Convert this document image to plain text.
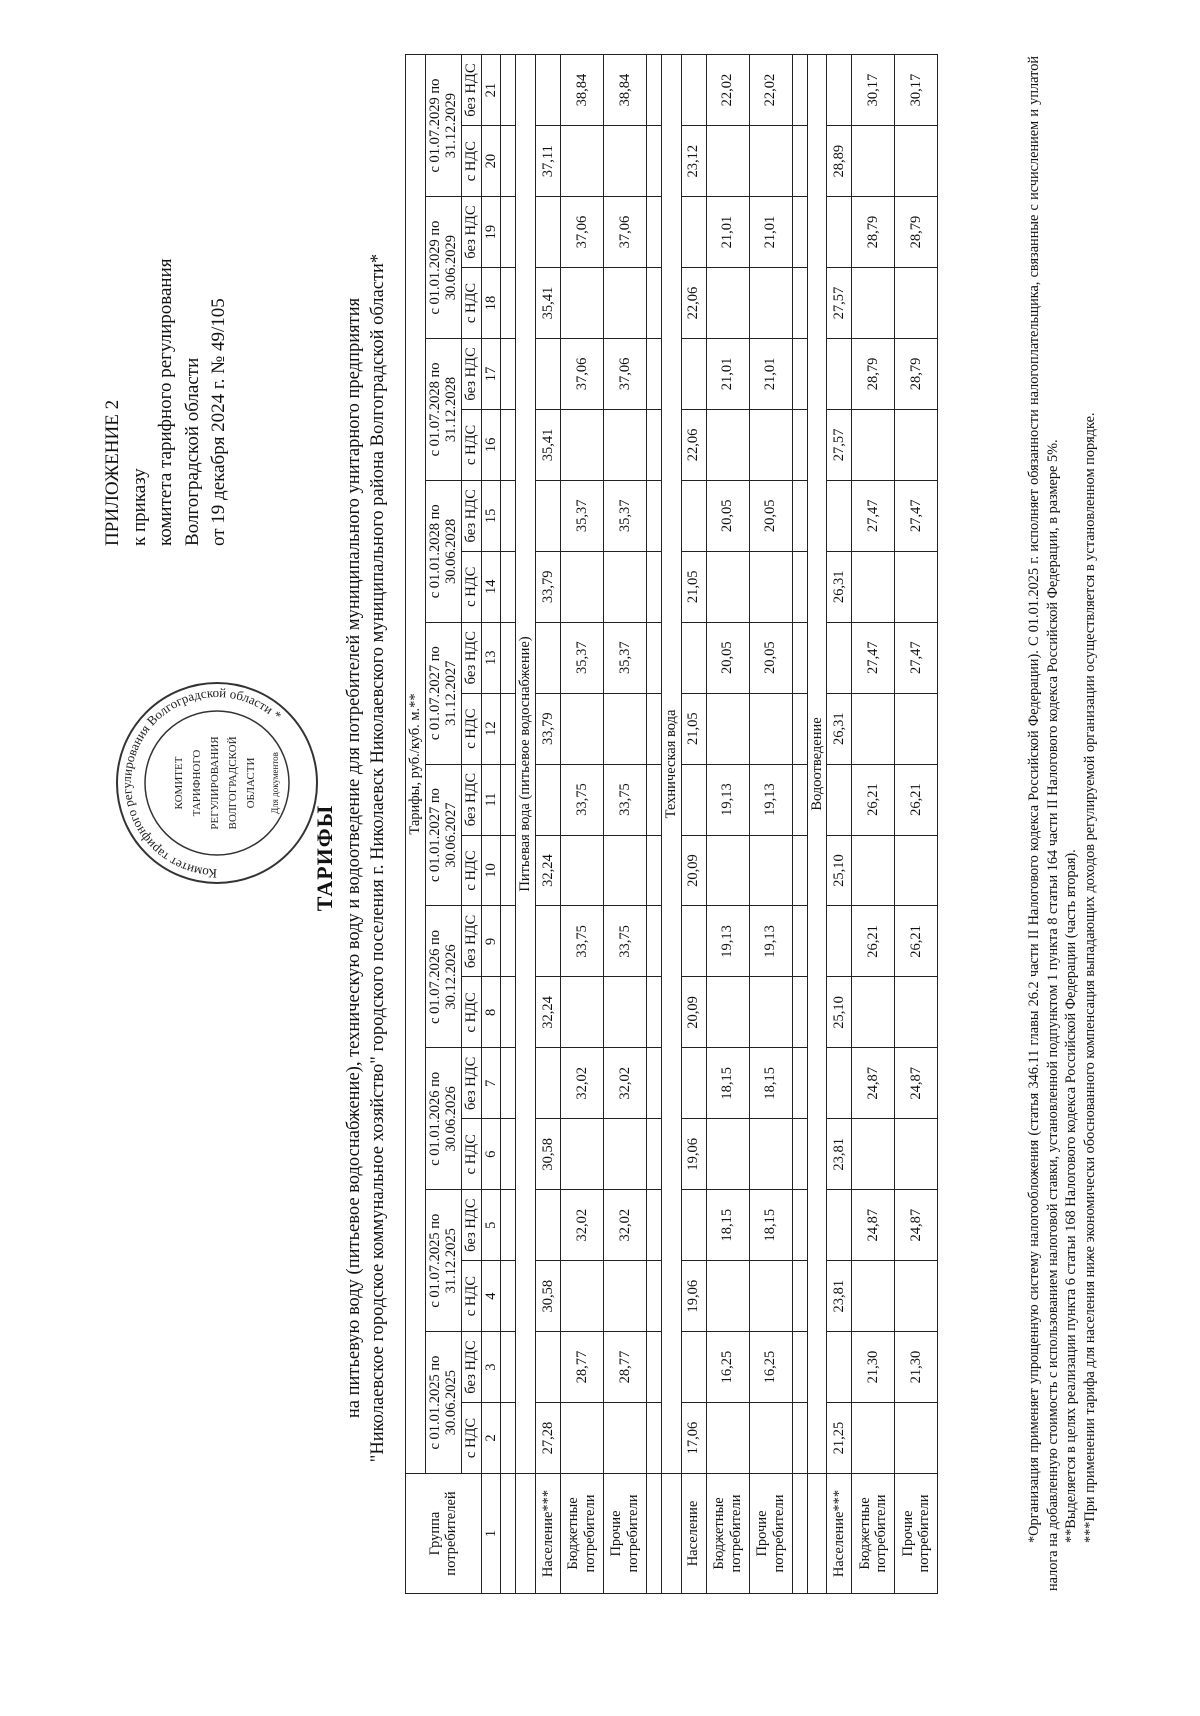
ПРИЛОЖЕНИЕ 2 к приказу комитета тарифного регулирования Волгоградской области от 19 декабря 2024 г. № 49/105
Комитет тарифного регулирования Волгоградской области *
КОМИТЕТ ТАРИФНОГО РЕГУЛИРОВАНИЯ ВОЛГОГРАДСКОЙ ОБЛАСТИ Для документов
ТАРИФЫ на питьевую воду (питьевое водоснабжение), техническую воду и водоотведение для потребителей муниципального унитарного предприятия "Николаевское городское коммунальное хозяйство" городского поселения г. Николаевск Николаевского муниципального района Волгоградской области*
Группа потребителей	Тарифы, руб./куб. м.**																			
	с 01.01.2025 по 30.06.2025		с 01.07.2025 по 31.12.2025		с 01.01.2026 по 30.06.2026		с 01.07.2026 по 30.12.2026		с 01.01.2027 по 30.06.2027		с 01.07.2027 по 31.12.2027		с 01.01.2028 по 30.06.2028		с 01.07.2028 по 31.12.2028		с 01.01.2029 по 30.06.2029		с 01.07.2029 по 31.12.2029	
	с НДС	без НДС	с НДС	без НДС	с НДС	без НДС	с НДС	без НДС	с НДС	без НДС	с НДС	без НДС	с НДС	без НДС	с НДС	без НДС	с НДС	без НДС	с НДС	без НДС
1	2	3	4	5	6	7	8	9	10	11	12	13	14	15	16	17	18	19	20	21

	Питьевая вода (питьевое водоснабжение)																			
Население***	27,28		30,58		30,58		32,24		32,24		33,79		33,79		35,41		35,41		37,11	
Бюджетные потребители		28,77		32,02		32,02		33,75		33,75		35,37		35,37		37,06		37,06		38,84
Прочие потребители		28,77		32,02		32,02		33,75		33,75		35,37		35,37		37,06		37,06		38,84

	Техническая вода																			
Население	17,06		19,06		19,06		20,09		20,09		21,05		21,05		22,06		22,06		23,12	
Бюджетные потребители		16,25		18,15		18,15		19,13		19,13		20,05		20,05		21,01		21,01		22,02
Прочие потребители		16,25		18,15		18,15		19,13		19,13		20,05		20,05		21,01		21,01		22,02

	Водоотведение																			
Население***	21,25		23,81		23,81		25,10		25,10		26,31		26,31		27,57		27,57		28,89	
Бюджетные потребители		21,30		24,87		24,87		26,21		26,21		27,47		27,47		28,79		28,79		30,17
Прочие потребители		21,30		24,87		24,87		26,21		26,21		27,47		27,47		28,79		28,79		30,17	*Организация применяет упрощенную систему налогообложения (статья 346.11 главы 26.2 части II Налогового кодекса Российской Федерации). С 01.01.2025 г. исполняет обязанности налогоплательщика, связанные с исчислением и уплатой налога на добавленную стоимость с использованием налоговой ставки, установленной подпунктом 1 пункта 8 статьи 164 части II Налогового кодекса Российской Федерации, в размере 5%. **Выделяется в целях реализации пункта 6 статьи 168 Налогового кодекса Российской Федерации (часть вторая). ***При применении тарифа для населения ниже экономически обоснованного компенсация выпадающих доходов регулируемой организации осуществляется в установленном порядке.
